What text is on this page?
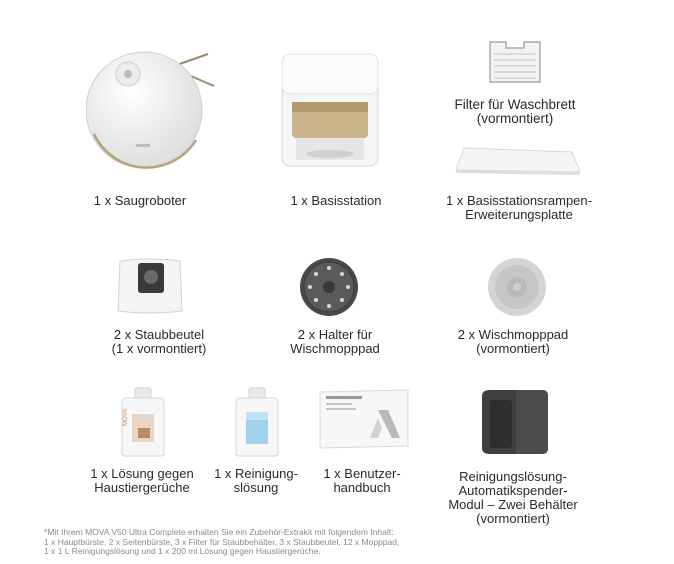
Filter für Waschbrett
(vormontiert)
1 x Saugroboter	1 x Basisstation	1 x Basisstationsrampen-
Erweiterungsplatte
2 x Staubbeutel
(1 x vormontiert)
2 x Halter für
Wischmopppad
2 x Wischmopppad
(vormontiert)
MOVA
1 x Lösung gegen
Haustiergerüche
1 x Reinigung-
slösung
1 x Benutzer-
handbuch
Reinigungslösung-
Automatikspender-
Modul – Zwei Behälter
(vormontiert)
*Mit Ihrem MOVA V50 Ultra Complete erhalten Sie ein Zubehör-Extrakit mit folgendem Inhalt:
1 x Hauptbürste, 2 x Seitenbürste, 3 x Filter für Staubbehälter, 3 x Staubbeutel, 12 x Mopppad,
1 x 1 L Reinigungslösung und 1 x 200 ml Lösung gegen Haustiergerüche.
